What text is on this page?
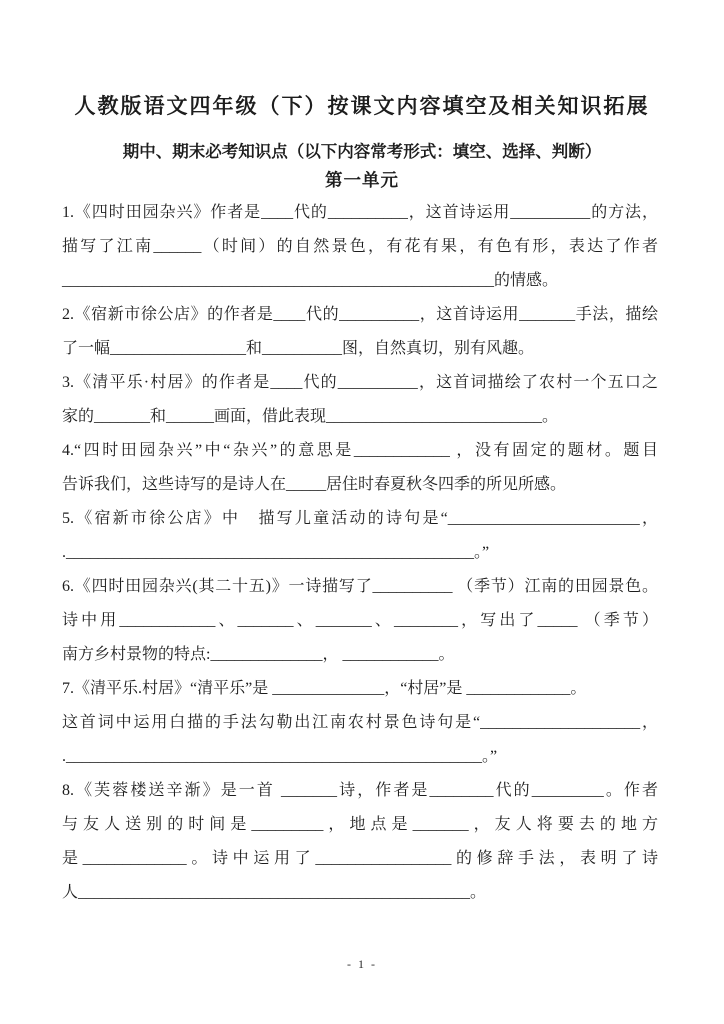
人教版语文四年级（下）按课文内容填空及相关知识拓展
期中、期末必考知识点（以下内容常考形式：填空、选择、判断）
第一单元
1.《四时田园杂兴》作者是____代的__________，这首诗运用__________的方法，
描写了江南______（时间）的自然景色，有花有果，有色有形，表达了作者
______________________________________________________的情感。
2.《宿新市徐公店》的作者是____代的__________，这首诗运用_______手法，描绘
了一幅_________________和__________图，自然真切，别有风趣。
3.《清平乐·村居》的作者是____代的__________，这首词描绘了农村一个五口之
家的_______和______画面，借此表现___________________________。
4.“四时田园杂兴”中“杂兴”的意思是____________ ，没有固定的题材。题目
告诉我们，这些诗写的是诗人在_____居住时春夏秋冬四季的所见所感。
5.《宿新市徐公店》中　描写儿童活动的诗句是“________________________，
.___________________________________________________。”
6.《四时田园杂兴(其二十五)》一诗描写了__________ （季节）江南的田园景色。
诗中用____________、_______、_______、________，写出了_____ （季节）
南方乡村景物的特点:______________， ____________。
7.《清平乐.村居》“清平乐”是 ______________，“村居”是 _____________。
这首词中运用白描的手法勾勒出江南农村景色诗句是“____________________，
.____________________________________________________。”
8.《芙蓉楼送辛渐》是一首 _______诗，作者是________代的_________。作者
与友人送别的时间是_________，地点是_______，友人将要去的地方
是_____________。诗中运用了_________________的修辞手法，表明了诗
人_________________________________________________。
- 1 -
